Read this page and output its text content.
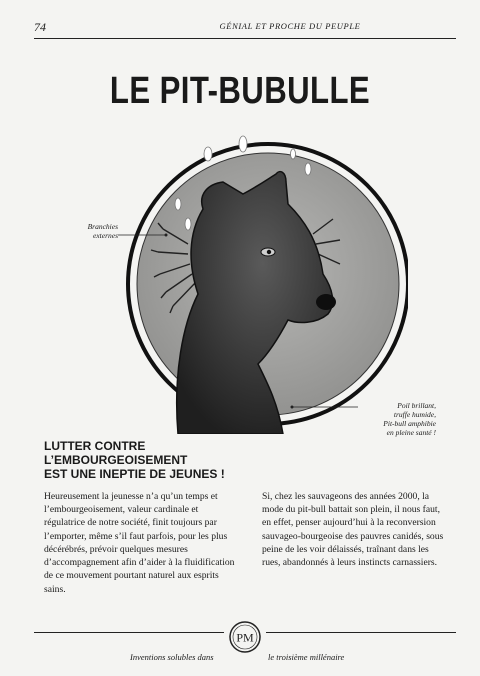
74	GÉNIAL ET PROCHE DU PEUPLE
LE PIT-BUBULLE
Branchies
externes
Poil brillant,
truffe humide,
Pit-bull amphibie
en pleine santé !
LUTTER CONTRE
L’EMBOURGEOISEMENT
EST UNE INEPTIE DE JEUNES !
Heureusement la jeunesse n’a qu’un temps et l’embourgeoisement, valeur cardinale et régulatrice de notre société, finit toujours par l’emporter, même s’il faut parfois, pour les plus décérébrés, prévoir quelques mesures d’accompagnement afin d’aider à la fluidification de ce mouvement pourtant naturel aux esprits sains.
Si, chez les sauvageons des années 2000, la mode du pit-bull battait son plein, il nous faut, en effet, penser aujourd’hui à la reconversion sauvageo-bourgeoise des pauvres canidés, sous peine de les voir délaissés, traînant dans les rues, abandonnés à leurs instincts carnassiers.
PM
Inventions solubles dans	le troisième millénaire
